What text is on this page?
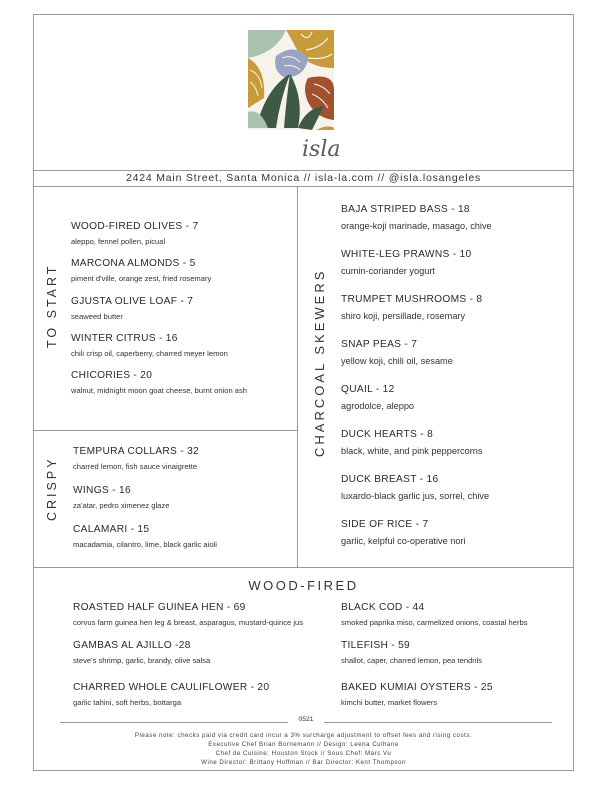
isla
2424 Main Street, Santa Monica // isla-la.com // @isla.losangeles
TO START
CRISPY
CHARCOAL SKEWERS
WOOD-FIRED OLIVES - 7
aleppo, fennel pollen, picual
MARCONA ALMONDS - 5
piment d'ville, orange zest, fried rosemary
GJUSTA OLIVE LOAF - 7
seaweed butter
WINTER CITRUS - 16
chili crisp oil, caperberry, charred meyer lemon
CHICORIES - 20
walnut, midnight moon goat cheese, burnt onion ash
TEMPURA COLLARS - 32
charred lemon, fish sauce vinaigrette
WINGS - 16
za'atar, pedro ximenez glaze
CALAMARI - 15
macadamia, cilantro, lime, black garlic aioli
BAJA STRIPED BASS - 18
orange-koji marinade, masago, chive
WHITE-LEG PRAWNS - 10
cumin-coriander yogurt
TRUMPET MUSHROOMS - 8
shiro koji, persillade, rosemary
SNAP PEAS - 7
yellow koji, chili oil, sesame
QUAIL - 12
agrodolce, aleppo
DUCK HEARTS - 8
black, white, and pink peppercorns
DUCK BREAST - 16
luxardo-black garlic jus, sorrel, chive
SIDE OF RICE - 7
garlic, kelpful co-operative nori
WOOD-FIRED
ROASTED HALF GUINEA HEN - 69
corvus farm guinea hen leg & breast, asparagus, mustard-quince jus
GAMBAS AL AJILLO -28
steve's shrimp, garlic, brandy, olive salsa
CHARRED WHOLE CAULIFLOWER - 20
garlic tahini, soft herbs, bottarga
BLACK COD - 44
smoked paprika miso, carmelized onions, coastal herbs
TILEFISH - 59
shallot, caper, charred lemon, pea tendrils
BAKED KUMIAI OYSTERS - 25
kimchi butter, market flowers
0521
Please note: checks paid via credit card incur a 3% surcharge adjustment to offset fees and rising costs.
Executive Chef Brian Bornemann // Design: Leena Culhane
Chef de Cuisine: Houston Stock // Sous Chef: Marc Vu
Wine Director: Brittany Hoffman // Bar Director: Kent Thompson
